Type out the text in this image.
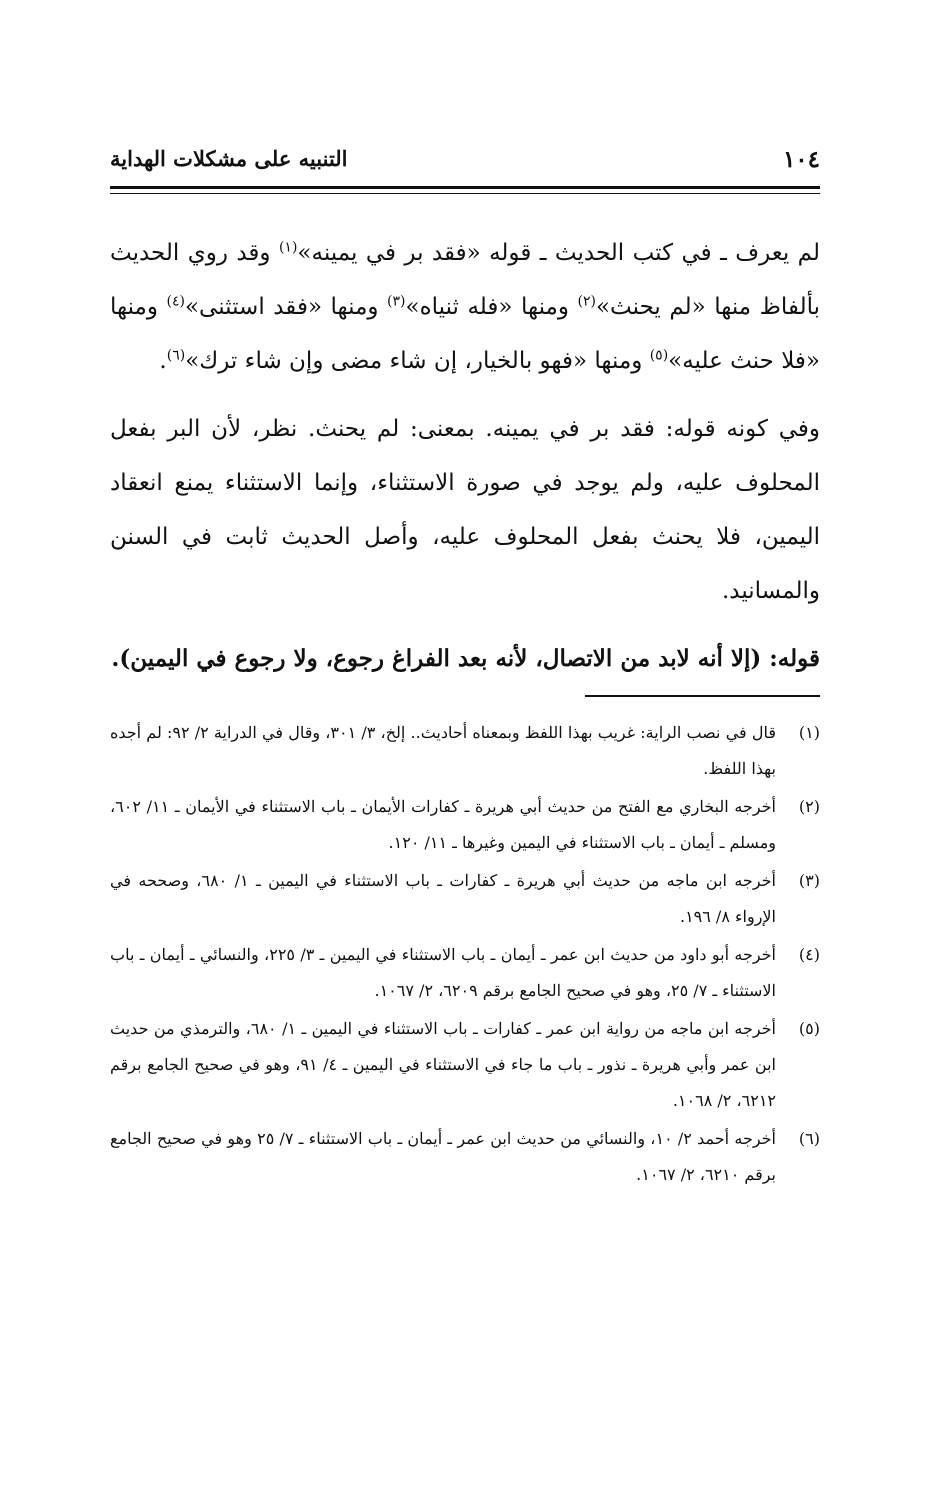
١٠٤
التنبيه على مشكلات الهداية

لم يعرف ـ في كتب الحديث ـ قوله «فقد بر في يمينه»$^{(١)}$ وقد روي الحديث بألفاظ منها «لم يحنث»$^{(٢)}$ ومنها «فله ثنياه»$^{(٣)}$ ومنها «فقد استثنى»$^{(٤)}$ ومنها «فلا حنث عليه»$^{(٥)}$ ومنها «فهو بالخيار، إن شاء مضى وإن شاء ترك»$^{(٦)}$.

وفي كونه قوله: فقد بر في يمينه. بمعنى: لم يحنث. نظر، لأن البر بفعل المحلوف عليه، ولم يوجد في صورة الاستثناء، وإنما الاستثناء يمنع انعقاد اليمين، فلا يحنث بفعل المحلوف عليه، وأصل الحديث ثابت في السنن والمسانيد.

قوله: (إلا أنه لابد من الاتصال، لأنه بعد الفراغ رجوع، ولا رجوع في اليمين).

(١)
قال في نصب الراية: غريب بهذا اللفظ وبمعناه أحاديث.. إلخ، ٣/ ٣٠١، وقال في الدراية ٢/ ٩٢: لم أجده بهذا اللفظ.
(٢)
أخرجه البخاري مع الفتح من حديث أبي هريرة ـ كفارات الأيمان ـ باب الاستثناء في الأيمان ـ ١١/ ٦٠٢، ومسلم ـ أيمان ـ باب الاستثناء في اليمين وغيرها ـ ١١/ ١٢٠.
(٣)
أخرجه ابن ماجه من حديث أبي هريرة ـ كفارات ـ باب الاستثناء في اليمين ـ ١/ ٦٨٠، وصححه في الإرواء ٨/ ١٩٦.
(٤)
أخرجه أبو داود من حديث ابن عمر ـ أيمان ـ باب الاستثناء في اليمين ـ ٣/ ٢٢٥، والنسائي ـ أيمان ـ باب الاستثناء ـ ٧/ ٢٥، وهو في صحيح الجامع برقم ٦٢٠٩، ٢/ ١٠٦٧.
(٥)
أخرجه ابن ماجه من رواية ابن عمر ـ كفارات ـ باب الاستثناء في اليمين ـ ١/ ٦٨٠، والترمذي من حديث ابن عمر وأبي هريرة ـ نذور ـ باب ما جاء في الاستثناء في اليمين ـ ٤/ ٩١، وهو في صحيح الجامع برقم ٦٢١٢، ٢/ ١٠٦٨.
(٦)
أخرجه أحمد ٢/ ١٠، والنسائي من حديث ابن عمر ـ أيمان ـ باب الاستثناء ـ ٧/ ٢٥ وهو في صحيح الجامع برقم ٦٢١٠، ٢/ ١٠٦٧.
